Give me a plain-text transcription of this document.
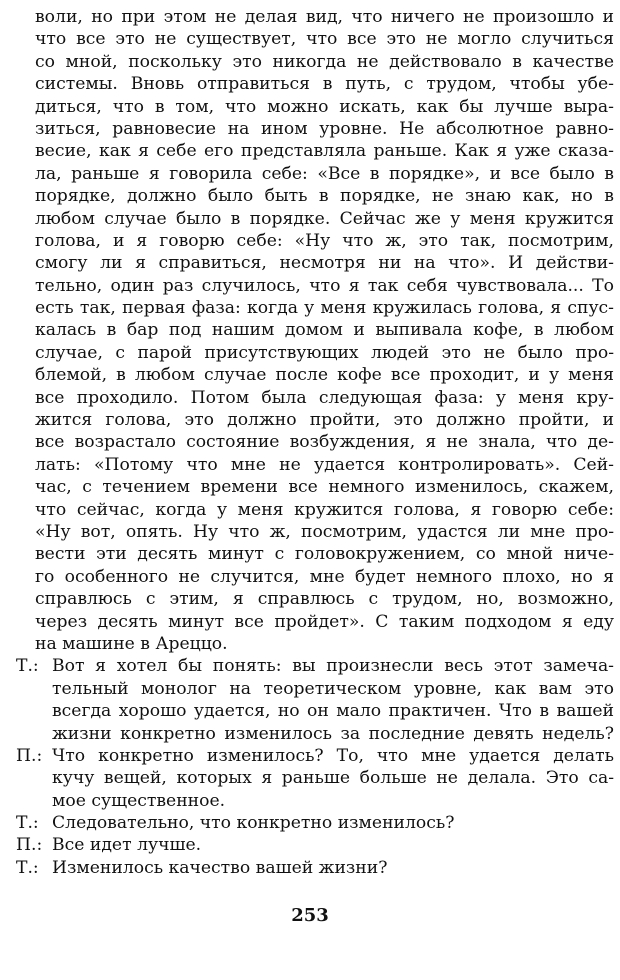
воли, но при этом не делая вид, что ничего не произошло и
что все это не существует, что все это не могло случиться
со мной, поскольку это никогда не действовало в качестве
системы. Вновь отправиться в путь, с трудом, чтобы убе-
диться, что в том, что можно искать, как бы лучше выра-
зиться, равновесие на ином уровне. Не абсолютное равно-
весие, как я себе его представляла раньше. Как я уже сказа-
ла, раньше я говорила себе: «Все в порядке», и все было в
порядке, должно было быть в порядке, не знаю как, но в
любом случае было в порядке. Сейчас же у меня кружится
голова, и я говорю себе: «Ну что ж, это так, посмотрим,
смогу ли я справиться, несмотря ни на что». И действи-
тельно, один раз случилось, что я так себя чувствовала... То
есть так, первая фаза: когда у меня кружилась голова, я спус-
калась в бар под нашим домом и выпивала кофе, в любом
случае, с парой присутствующих людей это не было про-
блемой, в любом случае после кофе все проходит, и у меня
все проходило. Потом была следующая фаза: у меня кру-
жится голова, это должно пройти, это должно пройти, и
все возрастало состояние возбуждения, я не знала, что де-
лать: «Потому что мне не удается контролировать». Сей-
час, с течением времени все немного изменилось, скажем,
что сейчас, когда у меня кружится голова, я говорю себе:
«Ну вот, опять. Ну что ж, посмотрим, удастся ли мне про-
вести эти десять минут с головокружением, со мной ниче-
го особенного не случится, мне будет немного плохо, но я
справлюсь с этим, я справлюсь с трудом, но, возможно,
через десять минут все пройдет». С таким подходом я еду
на машине в Ареццо.
Т.: Вот я хотел бы понять: вы произнесли весь этот замеча-
тельный монолог на теоретическом уровне, как вам это
всегда хорошо удается, но он мало практичен. Что в вашей
жизни конкретно изменилось за последние девять недель?
П.: Что конкретно изменилось? То, что мне удается делать
кучу вещей, которых я раньше больше не делала. Это са-
мое существенное.
Т.: Следовательно, что конкретно изменилось?
П.: Все идет лучше.
Т.: Изменилось качество вашей жизни?
253
